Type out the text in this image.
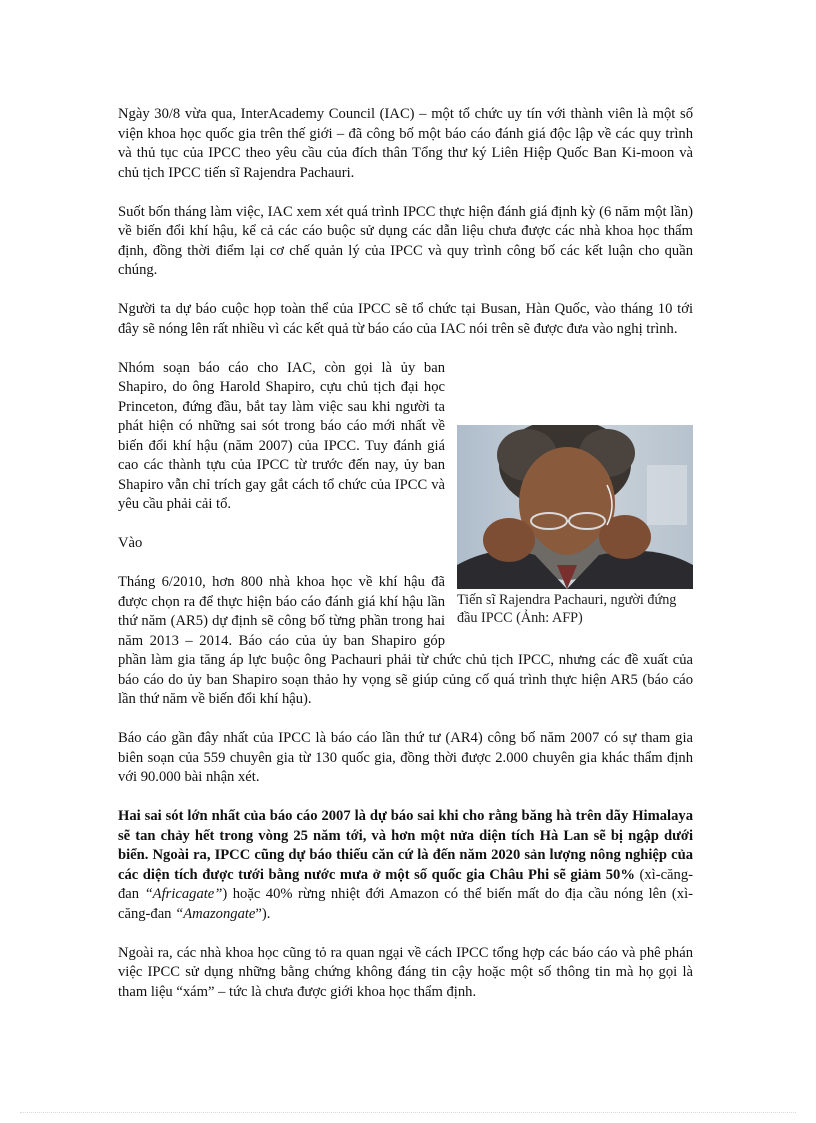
Ngày 30/8 vừa qua, InterAcademy Council (IAC) – một tổ chức uy tín với thành viên là một số viện khoa học quốc gia trên thế giới – đã công bố một báo cáo đánh giá độc lập về các quy trình và thủ tục của IPCC theo yêu cầu của đích thân Tổng thư ký Liên Hiệp Quốc Ban Ki-moon và chủ tịch IPCC tiến sĩ Rajendra Pachauri.

Suốt bốn tháng làm việc, IAC xem xét quá trình IPCC thực hiện đánh giá định kỳ (6 năm một lần) về biến đổi khí hậu, kể cả các cáo buộc sử dụng các dẫn liệu chưa được các nhà khoa học thẩm định, đồng thời điểm lại cơ chế quản lý của IPCC và quy trình công bố các kết luận cho quần chúng.

Người ta dự báo cuộc họp toàn thể của IPCC sẽ tổ chức tại Busan, Hàn Quốc, vào tháng 10 tới đây sẽ nóng lên rất nhiều vì các kết quả từ báo cáo của IAC nói trên sẽ được đưa vào nghị trình.

Tiến sĩ Rajendra Pachauri, người đứng đầu IPCC (Ảnh: AFP)

Nhóm soạn báo cáo cho IAC, còn gọi là ủy ban Shapiro, do ông Harold Shapiro, cựu chủ tịch đại học Princeton, đứng đầu, bắt tay làm việc sau khi người ta phát hiện có những sai sót trong báo cáo mới nhất về biến đổi khí hậu (năm 2007) của IPCC. Tuy đánh giá cao các thành tựu của IPCC từ trước đến nay, ủy ban Shapiro vẫn chỉ trích gay gắt cách tổ chức của IPCC và yêu cầu phải cải tổ.

Vào

Tháng 6/2010, hơn 800 nhà khoa học về khí hậu đã được chọn ra để thực hiện báo cáo đánh giá khí hậu lần thứ năm (AR5) dự định sẽ công bố từng phần trong hai năm 2013 – 2014. Báo cáo của ủy ban Shapiro góp phần làm gia tăng áp lực buộc ông Pachauri phải từ chức chủ tịch IPCC, nhưng các đề xuất của báo cáo do ủy ban Shapiro soạn thảo hy vọng sẽ giúp củng cố quá trình thực hiện AR5 (báo cáo lần thứ năm về biến đổi khí hậu).

Báo cáo gần đây nhất của IPCC là báo cáo lần thứ tư (AR4) công bố năm 2007 có sự tham gia biên soạn của 559 chuyên gia từ 130 quốc gia, đồng thời được 2.000 chuyên gia khác thẩm định với 90.000 bài nhận xét.

Hai sai sót lớn nhất của báo cáo 2007 là dự báo sai khi cho rằng băng hà trên dãy Himalaya sẽ tan chảy hết trong vòng 25 năm tới, và hơn một nửa diện tích Hà Lan sẽ bị ngập dưới biển. Ngoài ra, IPCC cũng dự báo thiếu căn cứ là đến năm 2020 sản lượng nông nghiệp của các diện tích được tưới bằng nước mưa ở một số quốc gia Châu Phi sẽ giảm 50% (xì-căng-đan “Africagate”) hoặc 40% rừng nhiệt đới Amazon có thể biến mất do địa cầu nóng lên (xì-căng-đan “Amazongate”).

Ngoài ra, các nhà khoa học cũng tỏ ra quan ngại về cách IPCC tổng hợp các báo cáo và phê phán việc IPCC sử dụng những bằng chứng không đáng tin cậy hoặc một số thông tin mà họ gọi là tham liệu “xám” – tức là chưa được giới khoa học thẩm định.
